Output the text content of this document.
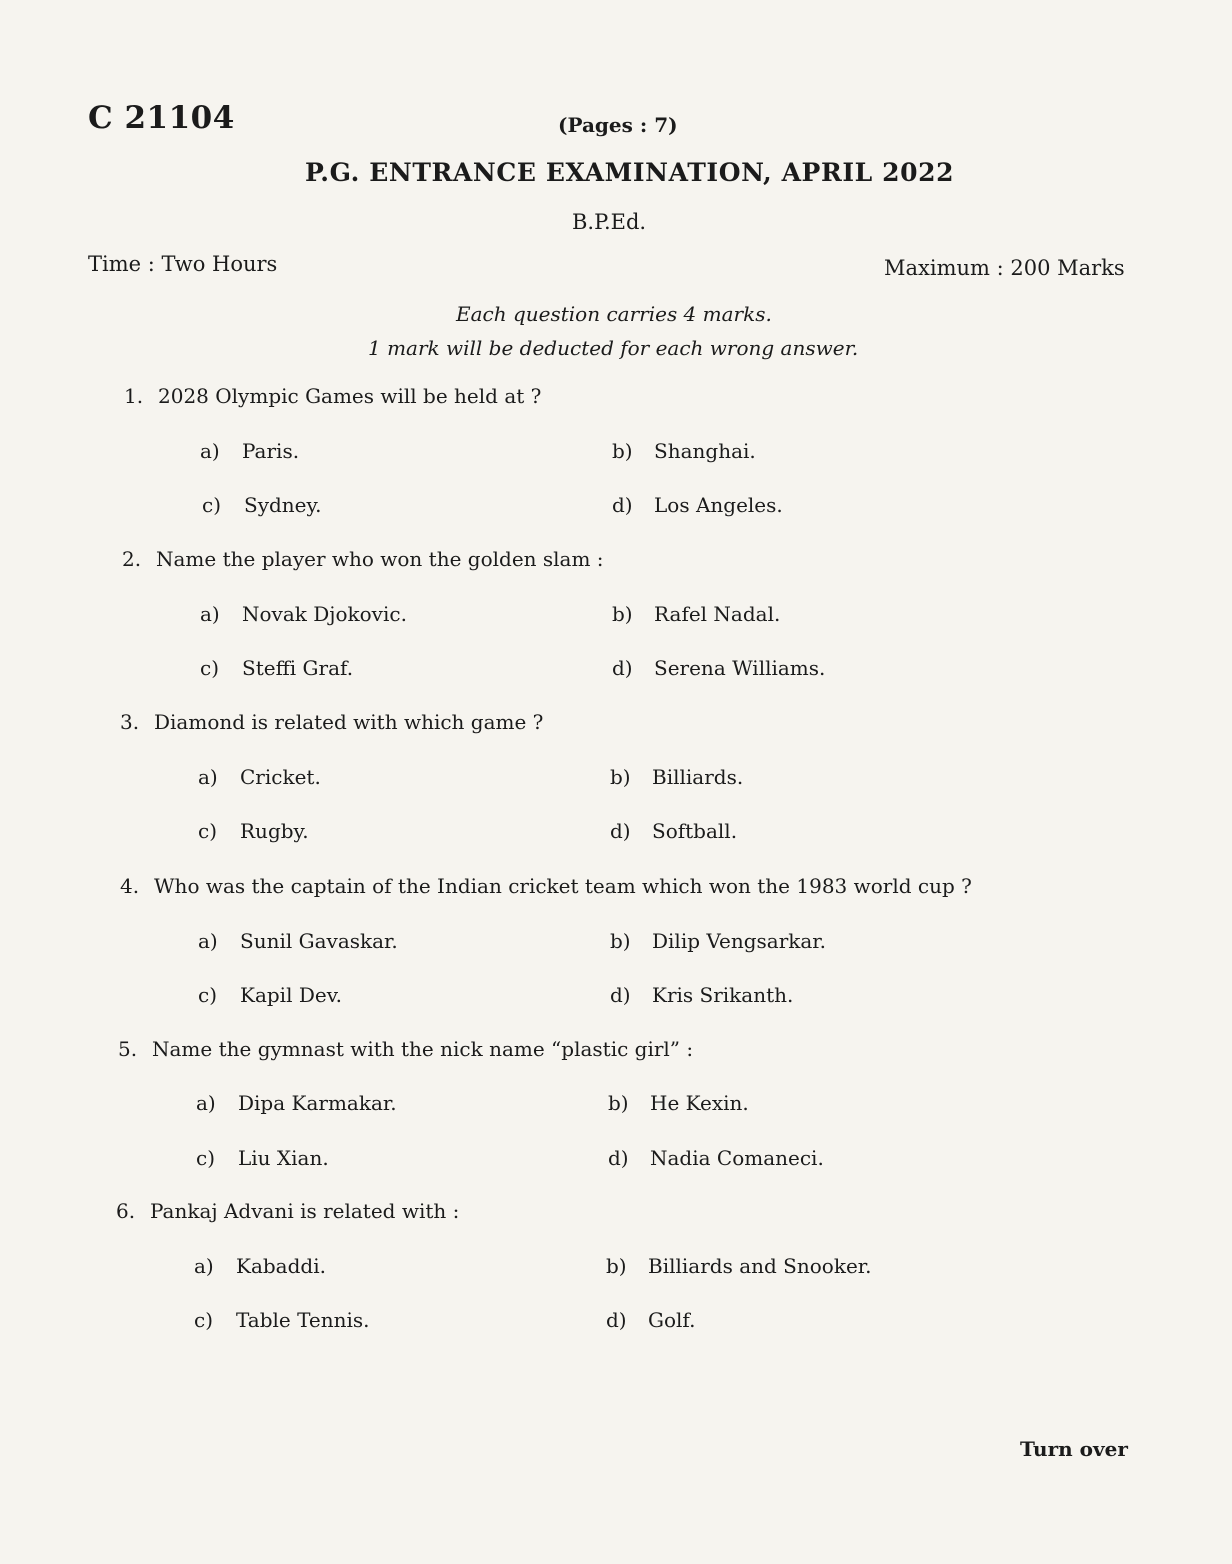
C 21104	(Pages : 7)
P.G. ENTRANCE EXAMINATION, APRIL 2022
B.P.Ed.
Time : Two Hours	Maximum : 200 Marks
Each question carries 4 marks.
1 mark will be deducted for each wrong answer.
1. 2028 Olympic Games will be held at ?
a) Paris.	b) Shanghai.
c) Sydney.	d) Los Angeles.
2. Name the player who won the golden slam :
a) Novak Djokovic.	b) Rafel Nadal.
c) Steffi Graf.	d) Serena Williams.
3. Diamond is related with which game ?
a) Cricket.	b) Billiards.
c) Rugby.	d) Softball.
4. Who was the captain of the Indian cricket team which won the 1983 world cup ?
a) Sunil Gavaskar.	b) Dilip Vengsarkar.
c) Kapil Dev.	d) Kris Srikanth.
5. Name the gymnast with the nick name “plastic girl” :
a) Dipa Karmakar.	b) He Kexin.
c) Liu Xian.	d) Nadia Comaneci.
6. Pankaj Advani is related with :
a) Kabaddi.	b) Billiards and Snooker.
c) Table Tennis.	d) Golf.
Turn over
